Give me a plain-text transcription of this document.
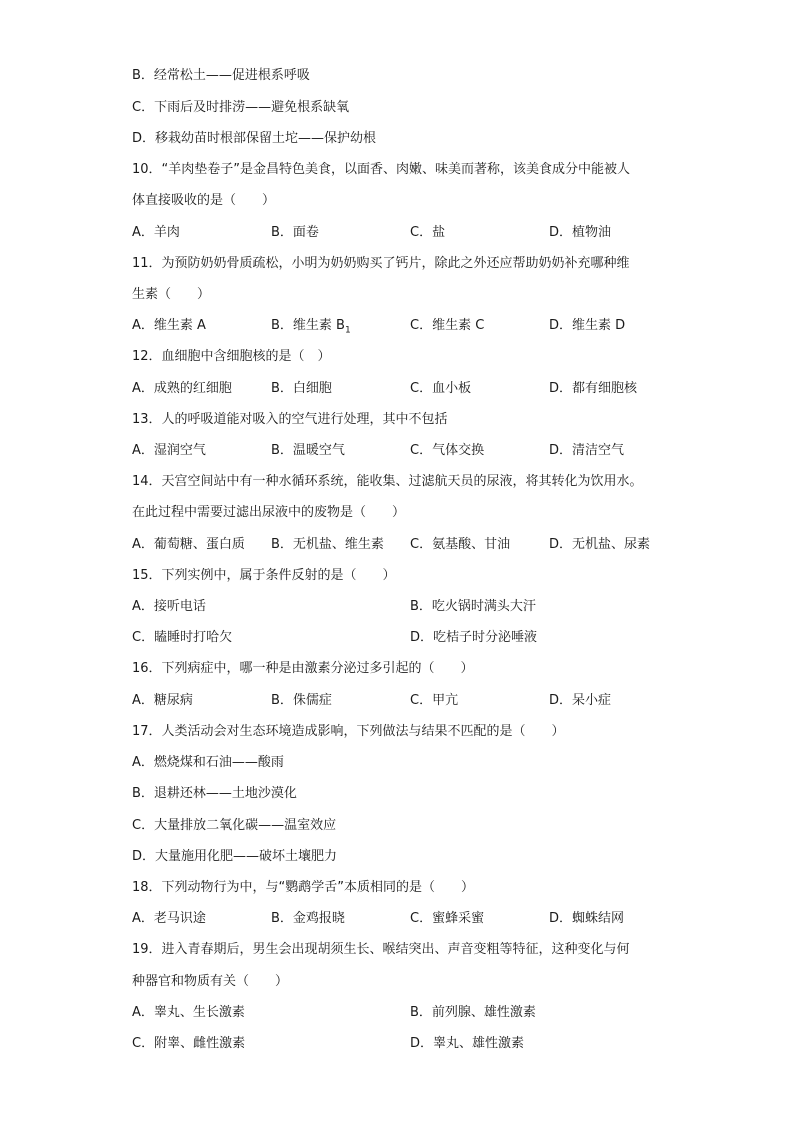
B．经常松土——促进根系呼吸
C．下雨后及时排涝——避免根系缺氧
D．移栽幼苗时根部保留土坨——保护幼根
10．“羊肉垫卷子”是金昌特色美食，以面香、肉嫩、味美而著称，该美食成分中能被人
体直接吸收的是（　　）
A．羊肉	B．面卷	C．盐	D．植物油
11．为预防奶奶骨质疏松，小明为奶奶购买了钙片，除此之外还应帮助奶奶补充哪种维
生素（　　）
A．维生素 A	B．维生素 $B_1$	C．维生素 C	D．维生素 D
12．血细胞中含细胞核的是（　）
A．成熟的红细胞	B．白细胞	C．血小板	D．都有细胞核
13．人的呼吸道能对吸入的空气进行处理，其中不包括
A．湿润空气	B．温暖空气	C．气体交换	D．清洁空气
14．天宫空间站中有一种水循环系统，能收集、过滤航天员的尿液，将其转化为饮用水。
在此过程中需要过滤出尿液中的废物是（　　）
A．葡萄糖、蛋白质 B．无机盐、维生素 C．氨基酸、甘油	D．无机盐、尿素
15．下列实例中，属于条件反射的是（　　）
A．接听电话	B．吃火锅时满头大汗
C．瞌睡时打哈欠	D．吃桔子时分泌唾液
16．下列病症中，哪一种是由激素分泌过多引起的（　　）
A．糖尿病	B．侏儒症	C．甲亢	D．呆小症
17．人类活动会对生态环境造成影响，下列做法与结果不匹配的是（　　）
A．燃烧煤和石油——酸雨
B．退耕还林——土地沙漠化
C．大量排放二氧化碳——温室效应
D．大量施用化肥——破坏土壤肥力
18．下列动物行为中，与“鹦鹉学舌”本质相同的是（　　）
A．老马识途	B．金鸡报晓	C．蜜蜂采蜜	D．蜘蛛结网
19．进入青春期后，男生会出现胡须生长、喉结突出、声音变粗等特征，这种变化与何
种器官和物质有关（　　）
A．睾丸、生长激素	B．前列腺、雄性激素
C．附睾、雌性激素	D．睾丸、雄性激素
